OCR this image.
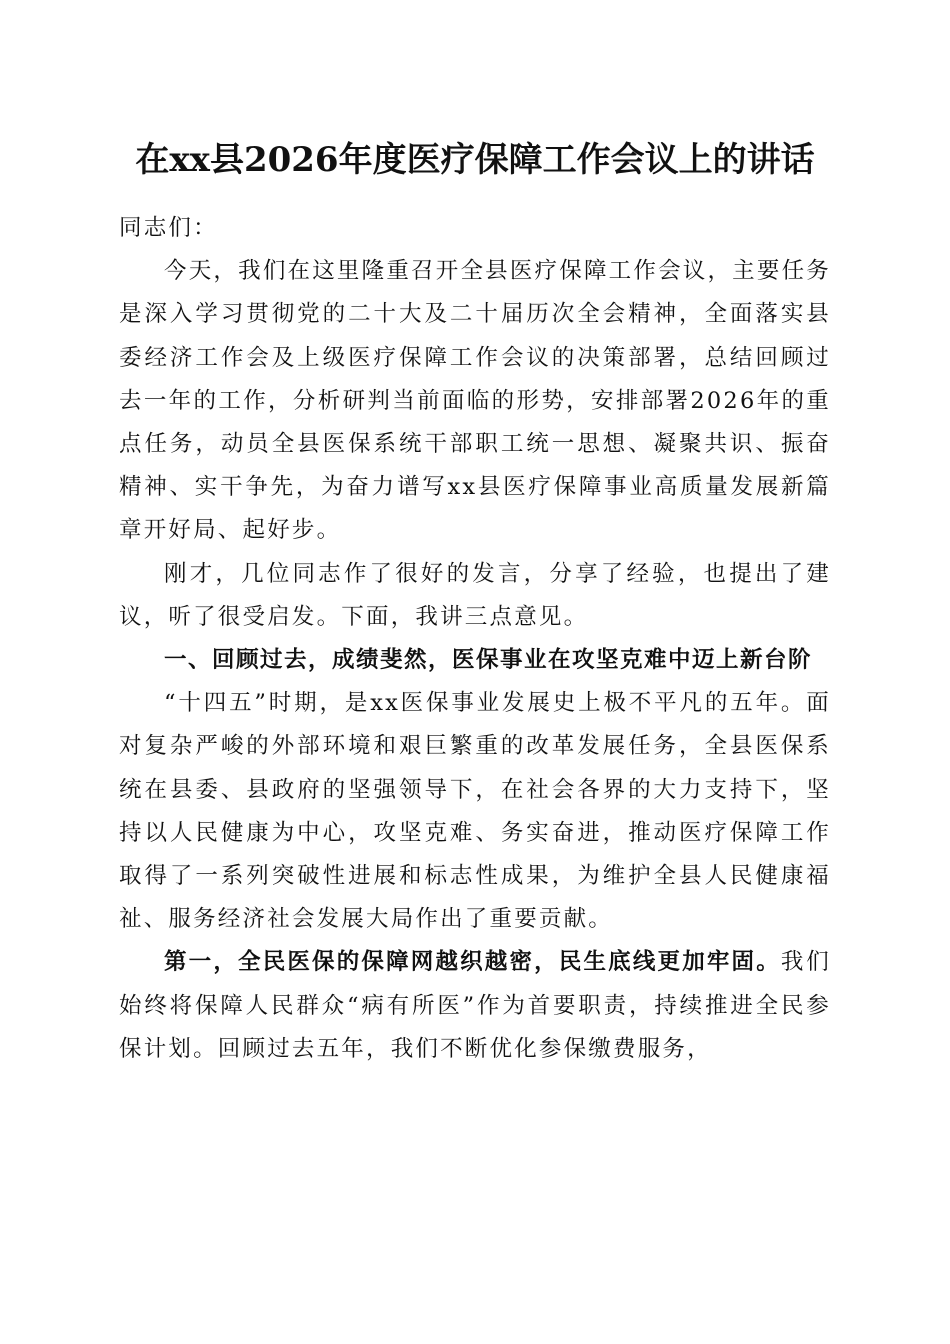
在xx县2026年度医疗保障工作会议上的讲话

同志们：

今天，我们在这里隆重召开全县医疗保障工作会议，主要任务是深入学习贯彻党的二十大及二十届历次全会精神，全面落实县委经济工作会及上级医疗保障工作会议的决策部署，总结回顾过去一年的工作，分析研判当前面临的形势，安排部署2026年的重点任务，动员全县医保系统干部职工统一思想、凝聚共识、振奋精神、实干争先，为奋力谱写xx县医疗保障事业高质量发展新篇章开好局、起好步。

刚才，几位同志作了很好的发言，分享了经验，也提出了建议，听了很受启发。下面，我讲三点意见。

一、回顾过去，成绩斐然，医保事业在攻坚克难中迈上新台阶

“十四五”时期，是xx医保事业发展史上极不平凡的五年。面对复杂严峻的外部环境和艰巨繁重的改革发展任务，全县医保系统在县委、县政府的坚强领导下，在社会各界的大力支持下，坚持以人民健康为中心，攻坚克难、务实奋进，推动医疗保障工作取得了一系列突破性进展和标志性成果，为维护全县人民健康福祉、服务经济社会发展大局作出了重要贡献。

第一，全民医保的保障网越织越密，民生底线更加牢固。我们始终将保障人民群众“病有所医”作为首要职责，持续推进全民参保计划。回顾过去五年，我们不断优化参保缴费服务，
